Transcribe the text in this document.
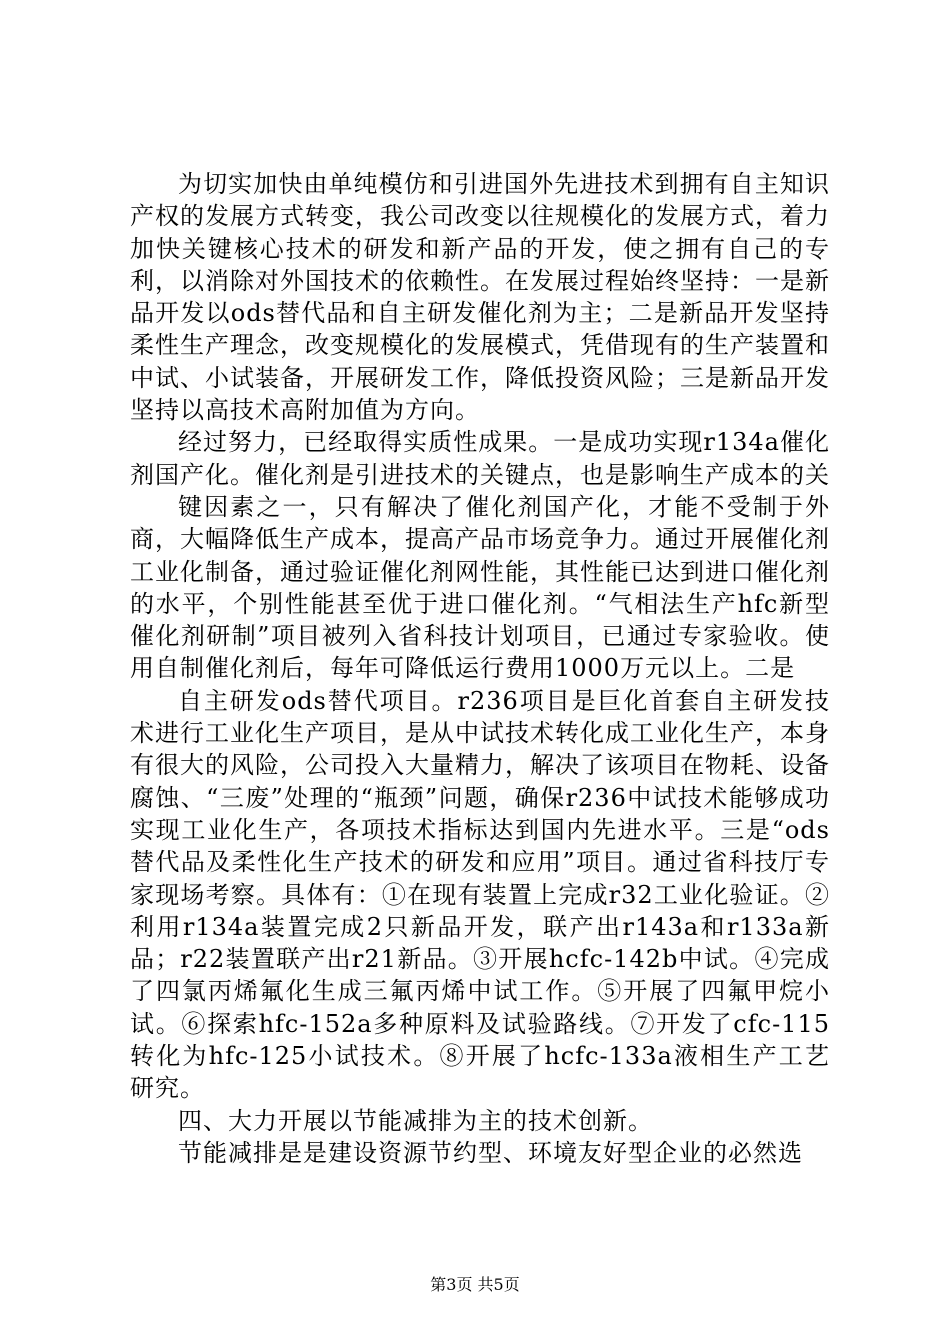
为切实加快由单纯模仿和引进国外先进技术到拥有自主知识产权的发展方式转变，我公司改变以往规模化的发展方式，着力加快关键核心技术的研发和新产品的开发，使之拥有自己的专利，以消除对外国技术的依赖性。在发展过程始终坚持：一是新品开发以ods替代品和自主研发催化剂为主；二是新品开发坚持柔性生产理念，改变规模化的发展模式，凭借现有的生产装置和中试、小试装备，开展研发工作，降低投资风险；三是新品开发坚持以高技术高附加值为方向。

经过努力，已经取得实质性成果。一是成功实现r134a催化剂国产化。催化剂是引进技术的关键点，也是影响生产成本的关

键因素之一，只有解决了催化剂国产化，才能不受制于外商，大幅降低生产成本，提高产品市场竞争力。通过开展催化剂工业化制备，通过验证催化剂网性能，其性能已达到进口催化剂的水平，个别性能甚至优于进口催化剂。“气相法生产hfc新型催化剂研制”项目被列入省科技计划项目，已通过专家验收。使用自制催化剂后，每年可降低运行费用1000万元以上。二是

自主研发ods替代项目。r236项目是巨化首套自主研发技术进行工业化生产项目，是从中试技术转化成工业化生产，本身有很大的风险，公司投入大量精力，解决了该项目在物耗、设备腐蚀、“三废”处理的“瓶颈”问题，确保r236中试技术能够成功实现工业化生产，各项技术指标达到国内先进水平。三是“ods替代品及柔性化生产技术的研发和应用”项目。通过省科技厅专家现场考察。具体有：①在现有装置上完成r32工业化验证。②利用r134a装置完成2只新品开发，联产出r143a和r133a新品；r22装置联产出r21新品。③开展hcfc-142b中试。④完成了四氯丙烯氟化生成三氟丙烯中试工作。⑤开展了四氟甲烷小试。⑥探索hfc-152a多种原料及试验路线。⑦开发了cfc-115转化为hfc-125小试技术。⑧开展了hcfc-133a液相生产工艺研究。

四、大力开展以节能减排为主的技术创新。

节能减排是是建设资源节约型、环境友好型企业的必然选

第3页 共5页
